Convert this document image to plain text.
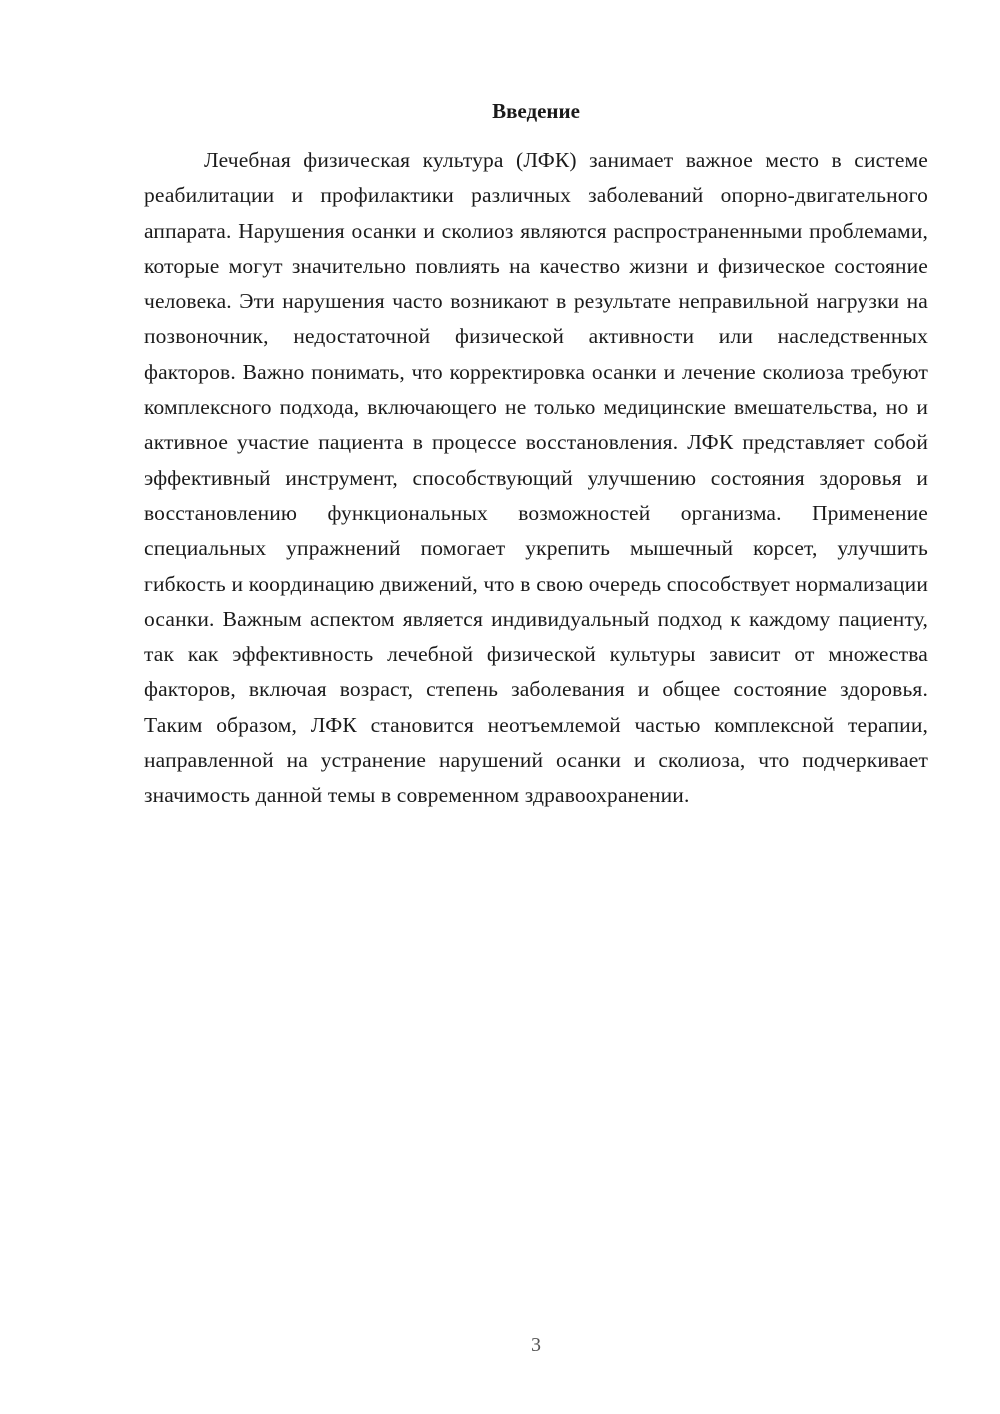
Введение

Лечебная физическая культура (ЛФК) занимает важное место в системе реабилитации и профилактики различных заболеваний опорно-двигательного аппарата. Нарушения осанки и сколиоз являются распространенными проблемами, которые могут значительно повлиять на качество жизни и физическое состояние человека. Эти нарушения часто возникают в результате неправильной нагрузки на позвоночник, недостаточной физической активности или наследственных факторов. Важно понимать, что корректировка осанки и лечение сколиоза требуют комплексного подхода, включающего не только медицинские вмешательства, но и активное участие пациента в процессе восстановления. ЛФК представляет собой эффективный инструмент, способствующий улучшению состояния здоровья и восстановлению функциональных возможностей организма. Применение специальных упражнений помогает укрепить мышечный корсет, улучшить гибкость и координацию движений, что в свою очередь способствует нормализации осанки. Важным аспектом является индивидуальный подход к каждому пациенту, так как эффективность лечебной физической культуры зависит от множества факторов, включая возраст, степень заболевания и общее состояние здоровья. Таким образом, ЛФК становится неотъемлемой частью комплексной терапии, направленной на устранение нарушений осанки и сколиоза, что подчеркивает значимость данной темы в современном здравоохранении.

3
